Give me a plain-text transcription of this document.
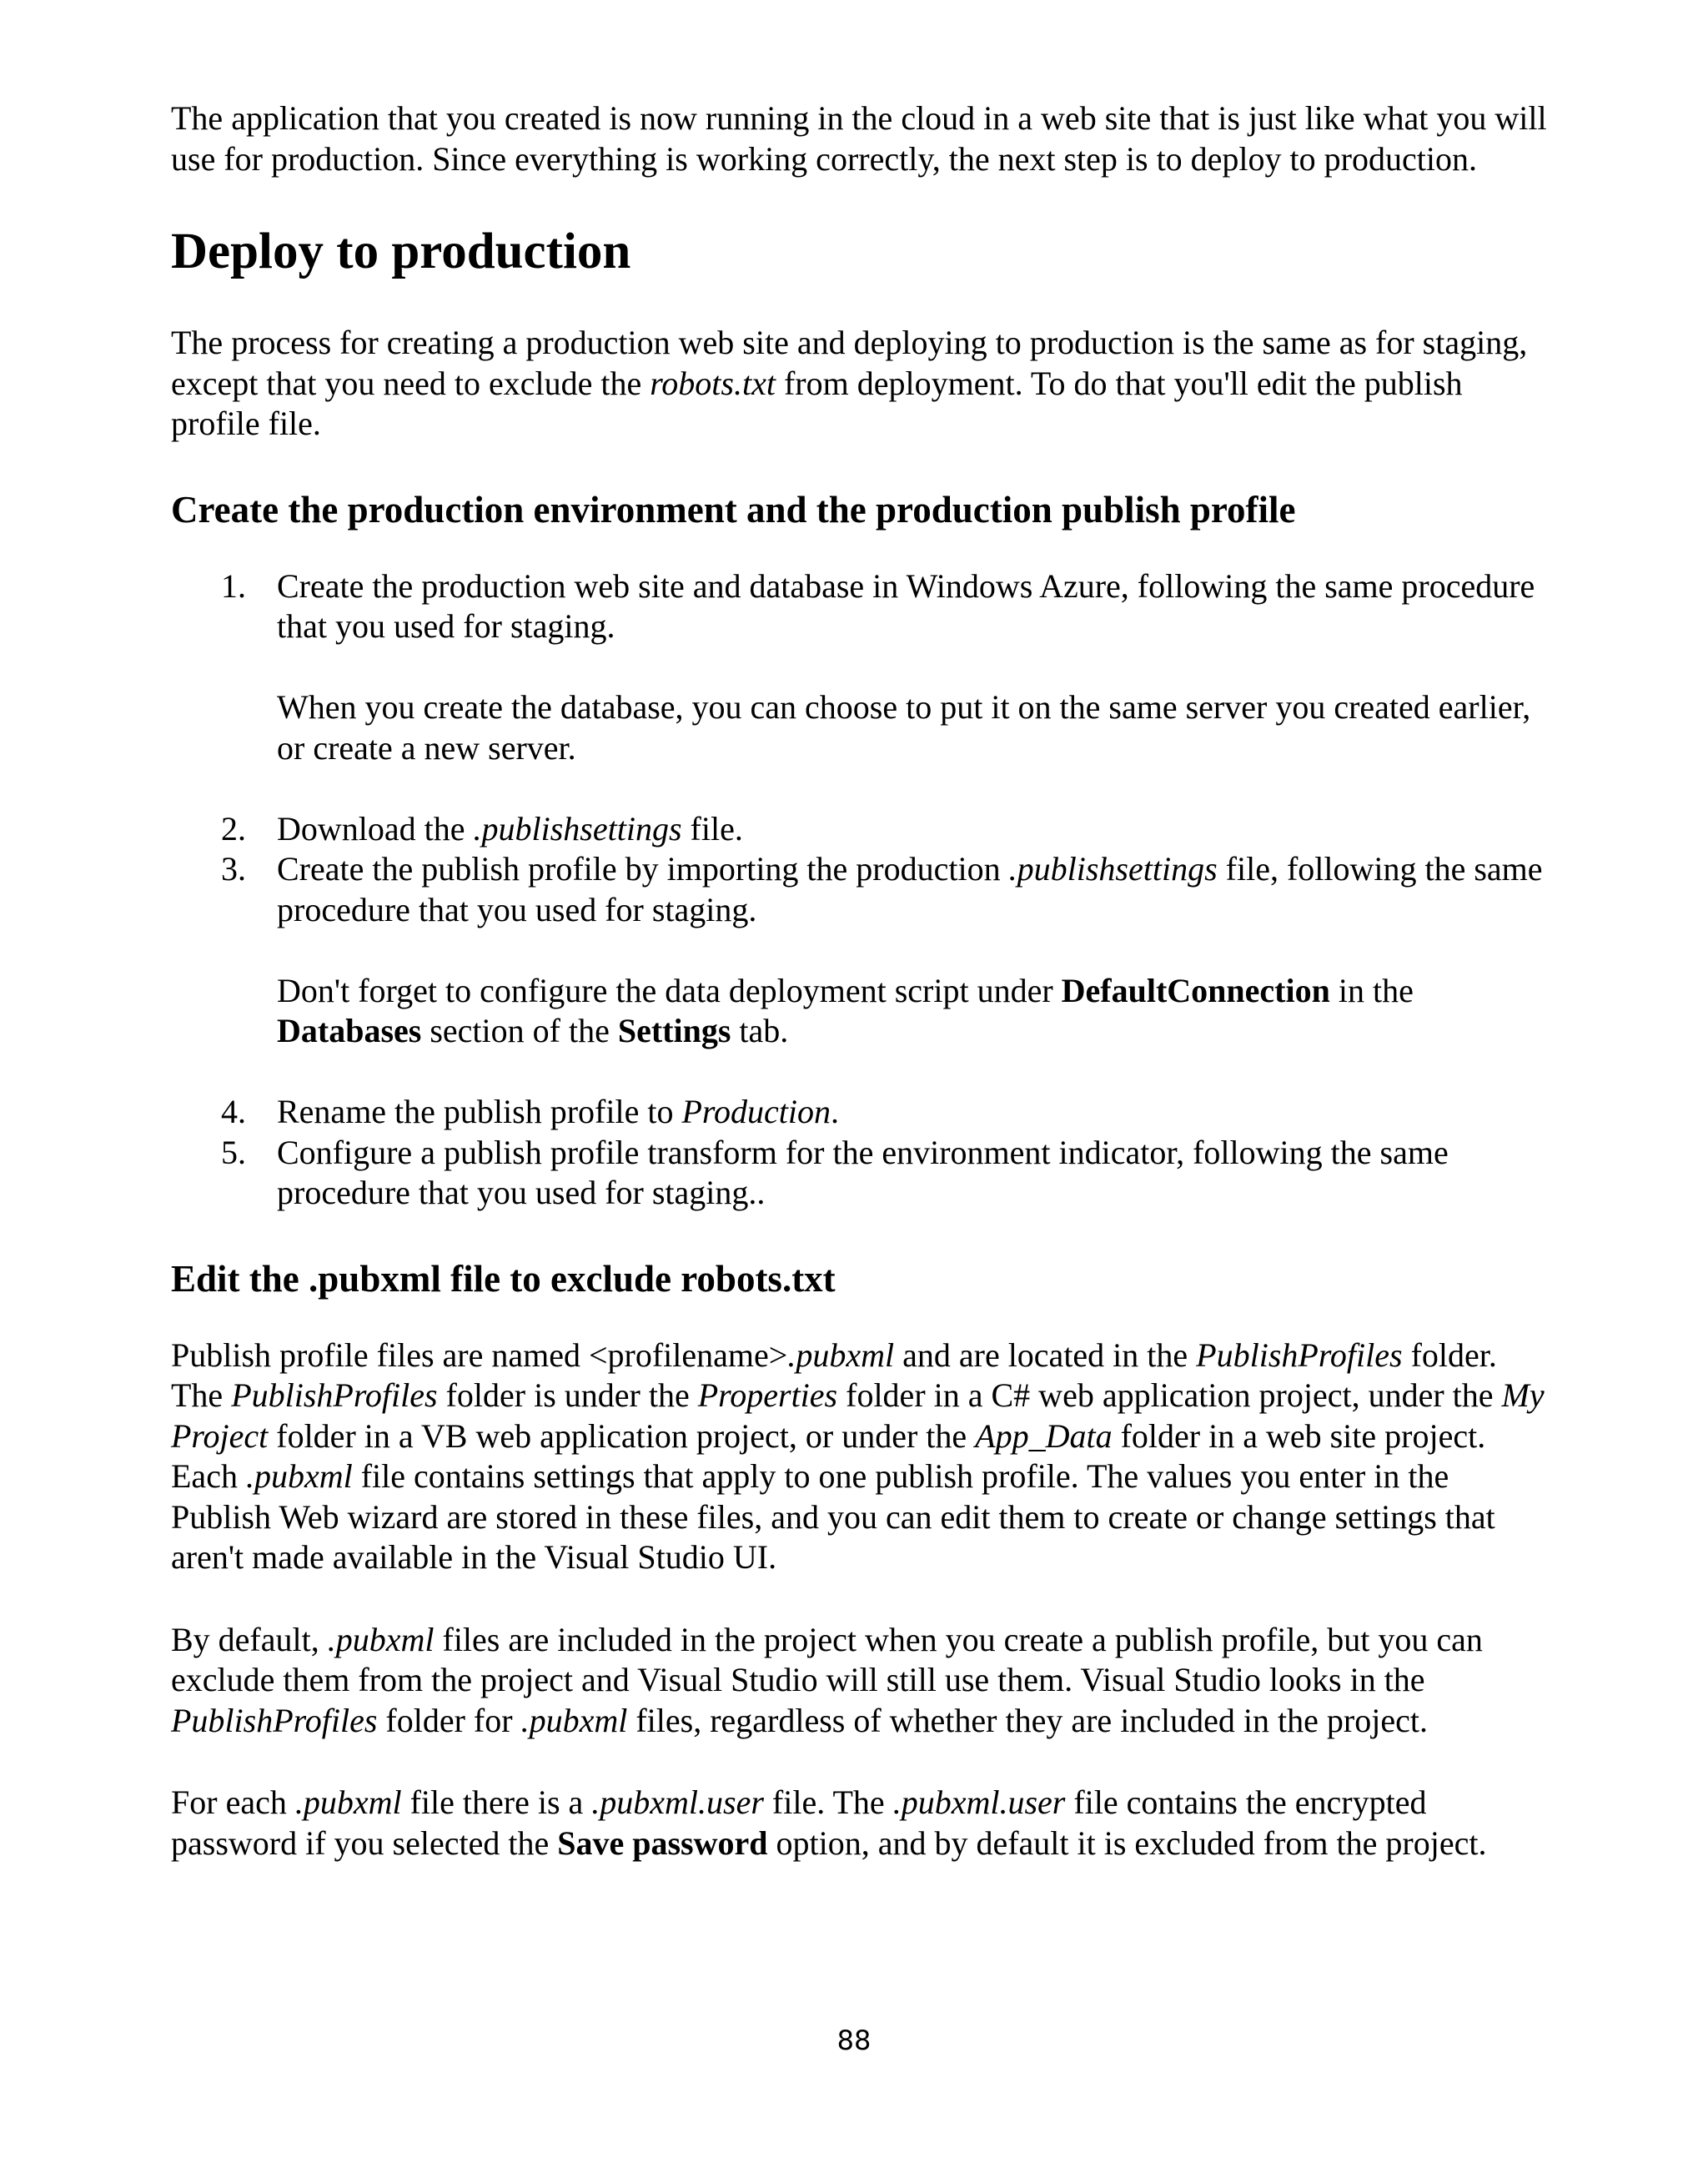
The application that you created is now running in the cloud in a web site that is just like what you will use for production. Since everything is working correctly, the next step is to deploy to production.

Deploy to production

The process for creating a production web site and deploying to production is the same as for staging, except that you need to exclude the robots.txt from deployment. To do that you'll edit the publish profile file.

Create the production environment and the production publish profile
1. Create the production web site and database in Windows Azure, following the same procedure that you used for staging.
When you create the database, you can choose to put it on the same server you created earlier, or create a new server.
2. Download the .publishsettings file.
3. Create the publish profile by importing the production .publishsettings file, following the same procedure that you used for staging.
Don't forget to configure the data deployment script under DefaultConnection in the Databases section of the Settings tab.
4. Rename the publish profile to Production.
5. Configure a publish profile transform for the environment indicator, following the same procedure that you used for staging..
Edit the .pubxml file to exclude robots.txt

Publish profile files are named <profilename>.pubxml and are located in the PublishProfiles folder. The PublishProfiles folder is under the Properties folder in a C# web application project, under the My Project folder in a VB web application project, or under the App_Data folder in a web site project. Each .pubxml file contains settings that apply to one publish profile. The values you enter in the Publish Web wizard are stored in these files, and you can edit them to create or change settings that aren't made available in the Visual Studio UI.

By default, .pubxml files are included in the project when you create a publish profile, but you can exclude them from the project and Visual Studio will still use them. Visual Studio looks in the PublishProfiles folder for .pubxml files, regardless of whether they are included in the project.

For each .pubxml file there is a .pubxml.user file. The .pubxml.user file contains the encrypted password if you selected the Save password option, and by default it is excluded from the project.

88
